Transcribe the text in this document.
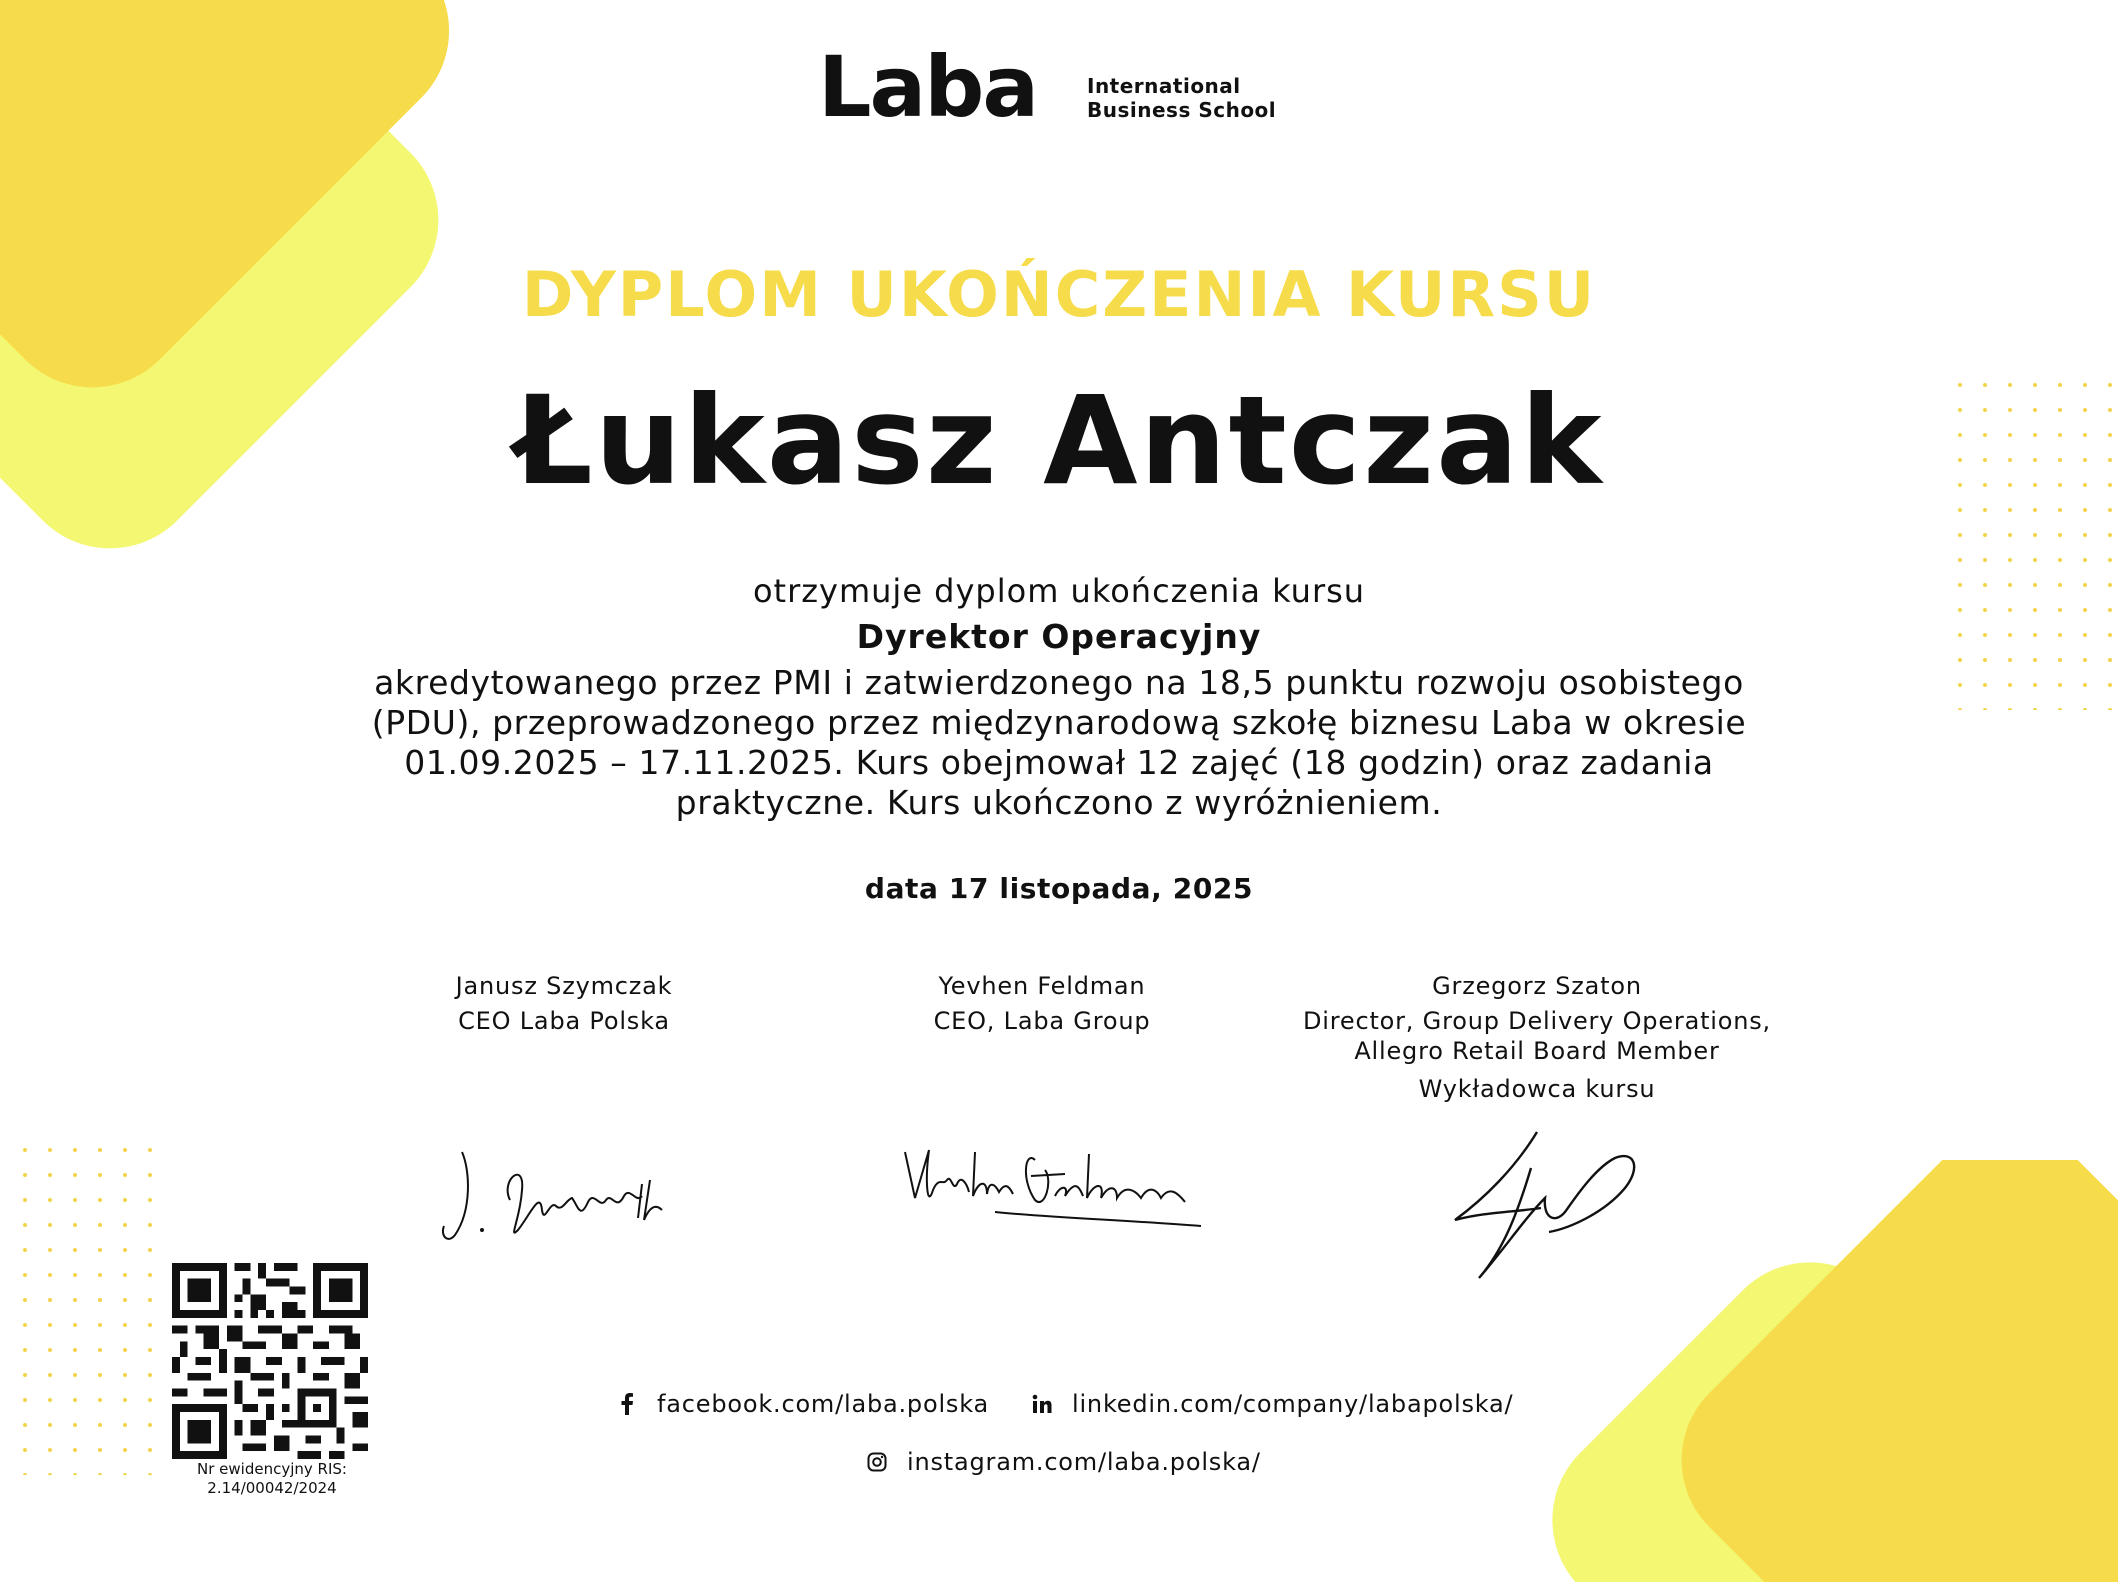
Laba	International
Business School
DYPLOM UKOŃCZENIA KURSU
Łukasz Antczak
otrzymuje dyplom ukończenia kursu
Dyrektor Operacyjny
akredytowanego przez PMI i zatwierdzonego na 18,5 punktu rozwoju osobistego
(PDU), przeprowadzonego przez międzynarodową szkołę biznesu Laba w okresie
01.09.2025 – 17.11.2025. Kurs obejmował 12 zajęć (18 godzin) oraz zadania
praktyczne. Kurs ukończono z wyróżnieniem.
data 17 listopada, 2025
Janusz Szymczak
CEO Laba Polska
Yevhen Feldman
CEO, Laba Group
Grzegorz Szaton
Director, Group Delivery Operations,
Allegro Retail Board Member
Wykładowca kursu
facebook.com/laba.polska	linkedin.com/company/labapolska/
instagram.com/laba.polska/
Nr ewidencyjny RIS:
2.14/00042/2024
